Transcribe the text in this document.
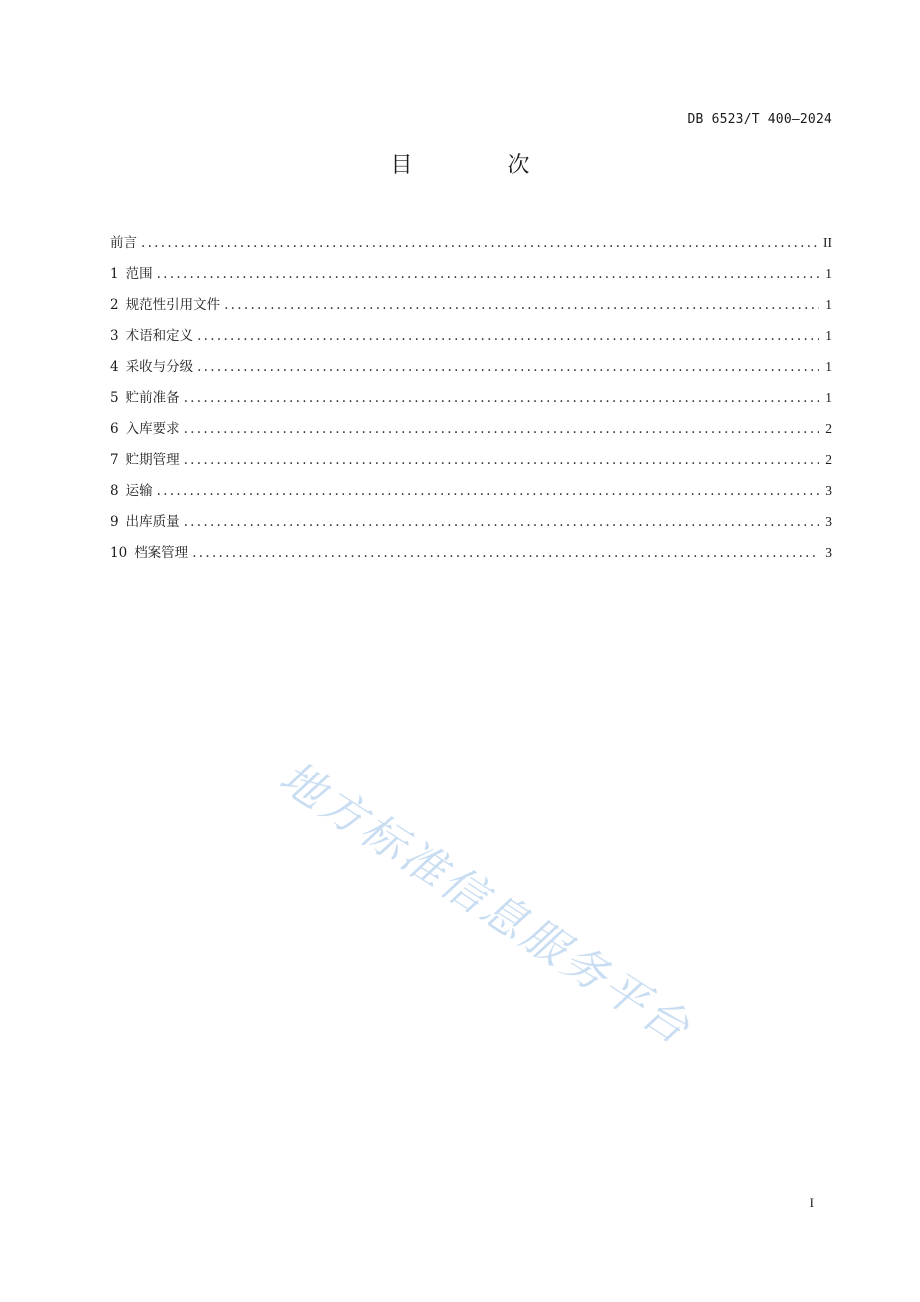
DB 6523/T 400—2024
目 次
前言 .....	II
1 范围 .....	1
2 规范性引用文件 .....	1
3 术语和定义 .....	1
4 采收与分级 .....	1
5 贮前准备 .....	1
6 入库要求 .....	2
7 贮期管理 .....	2
8 运输 .....	3
9 出库质量 .....	3
10 档案管理 .....	3
地方标准信息服务平台
I
